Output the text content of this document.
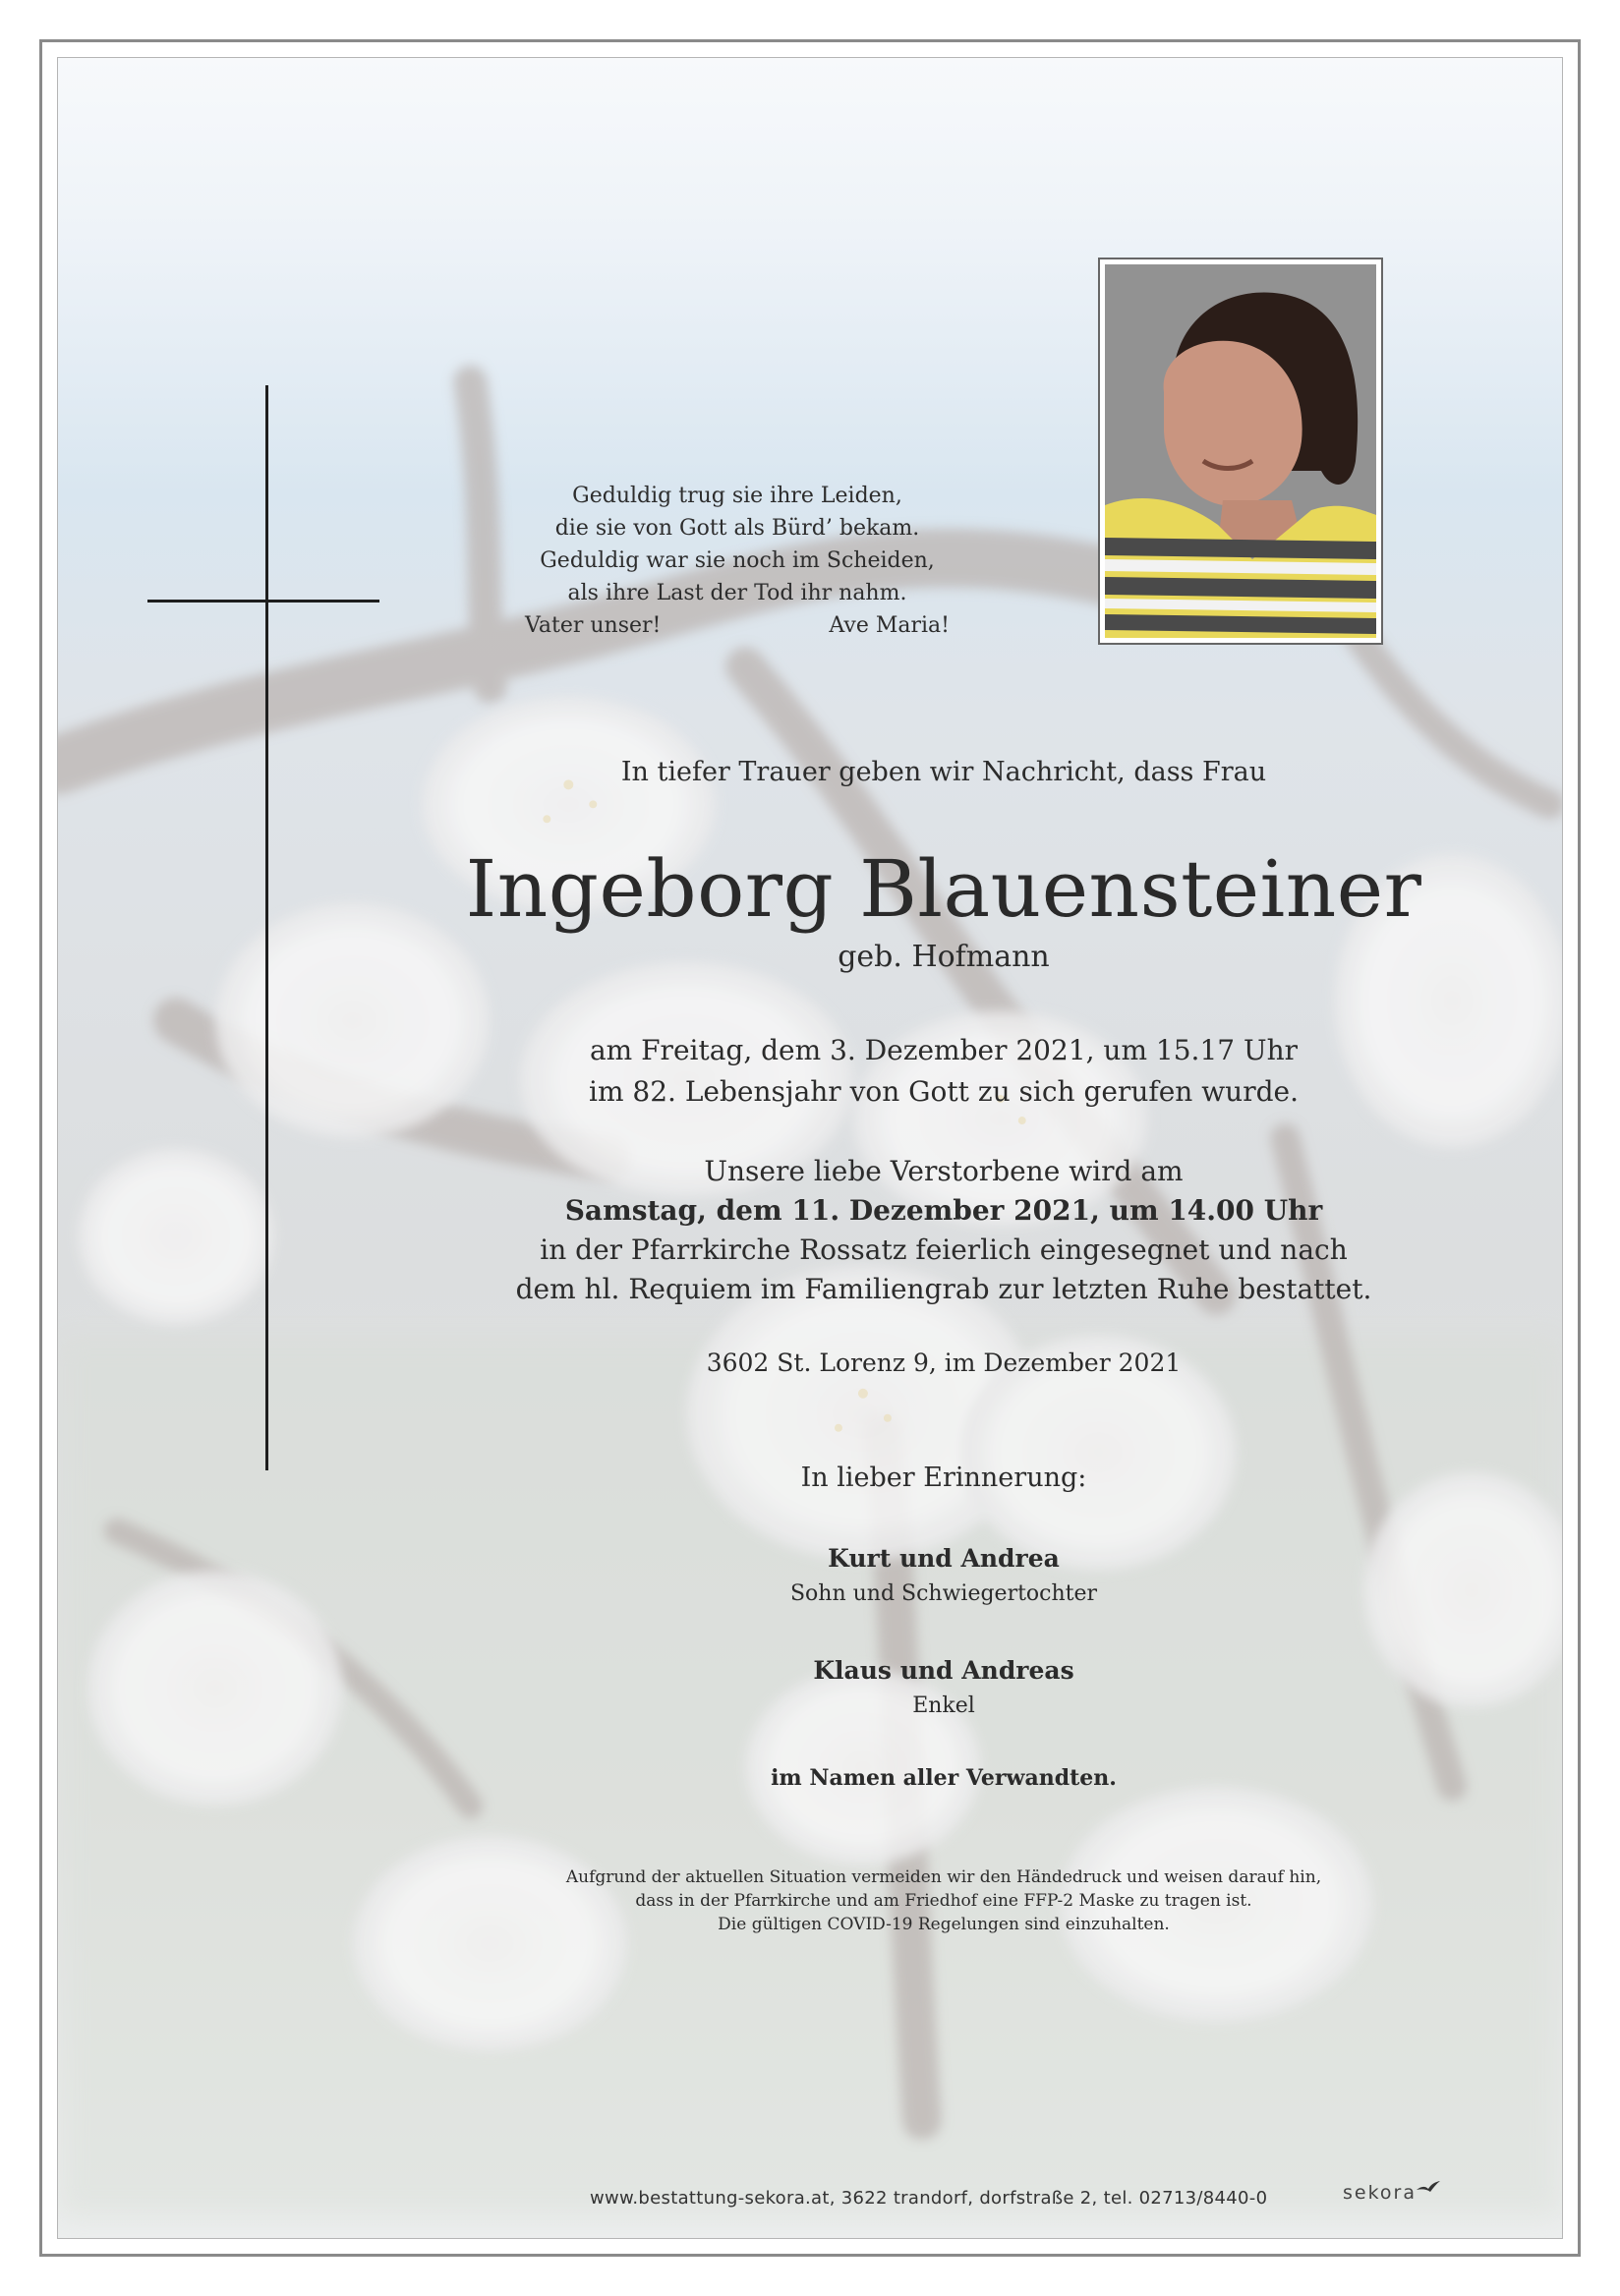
Geduldig trug sie ihre Leiden,
die sie von Gott als Bürd’ bekam.
Geduldig war sie noch im Scheiden,
als ihre Last der Tod ihr nahm.
Vater unser!	Ave Maria!
In tiefer Trauer geben wir Nachricht, dass Frau
Ingeborg Blauensteiner
geb. Hofmann
am Freitag, dem 3. Dezember 2021, um 15.17 Uhr
im 82. Lebensjahr von Gott zu sich gerufen wurde.
Unsere liebe Verstorbene wird am
Samstag, dem 11. Dezember 2021, um 14.00 Uhr
in der Pfarrkirche Rossatz feierlich eingesegnet und nach
dem hl. Requiem im Familiengrab zur letzten Ruhe bestattet.
3602 St. Lorenz 9, im Dezember 2021
In lieber Erinnerung:
Kurt und Andrea
Sohn und Schwiegertochter
Klaus und Andreas
Enkel
im Namen aller Verwandten.
Aufgrund der aktuellen Situation vermeiden wir den Händedruck und weisen darauf hin,
dass in der Pfarrkirche und am Friedhof eine FFP-2 Maske zu tragen ist.
Die gültigen COVID-19 Regelungen sind einzuhalten.
www.bestattung-sekora.at, 3622 trandorf, dorfstraße 2, tel. 02713/8440-0	sekora
